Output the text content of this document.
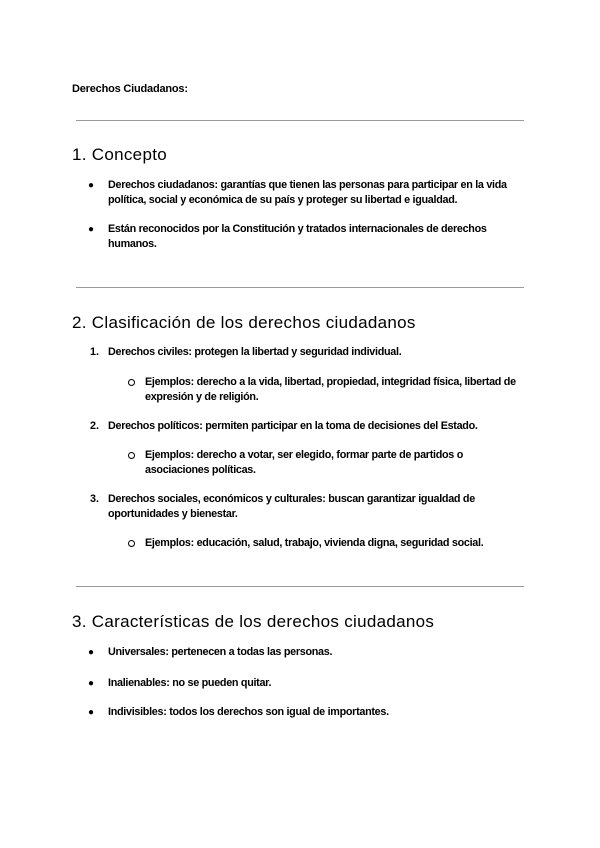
Derechos Ciudadanos:
1. Concepto
● Derechos ciudadanos: garantías que tienen las personas para participar en la vida política, social y económica de su país y proteger su libertad e igualdad.
● Están reconocidos por la Constitución y tratados internacionales de derechos humanos.
2. Clasificación de los derechos ciudadanos
1. Derechos civiles: protegen la libertad y seguridad individual.
Ejemplos: derecho a la vida, libertad, propiedad, integridad física, libertad de expresión y de religión.
2. Derechos políticos: permiten participar en la toma de decisiones del Estado.
Ejemplos: derecho a votar, ser elegido, formar parte de partidos o asociaciones políticas.
3. Derechos sociales, económicos y culturales: buscan garantizar igualdad de oportunidades y bienestar.
Ejemplos: educación, salud, trabajo, vivienda digna, seguridad social.
3. Características de los derechos ciudadanos
● Universales: pertenecen a todas las personas.
● Inalienables: no se pueden quitar.
● Indivisibles: todos los derechos son igual de importantes.
